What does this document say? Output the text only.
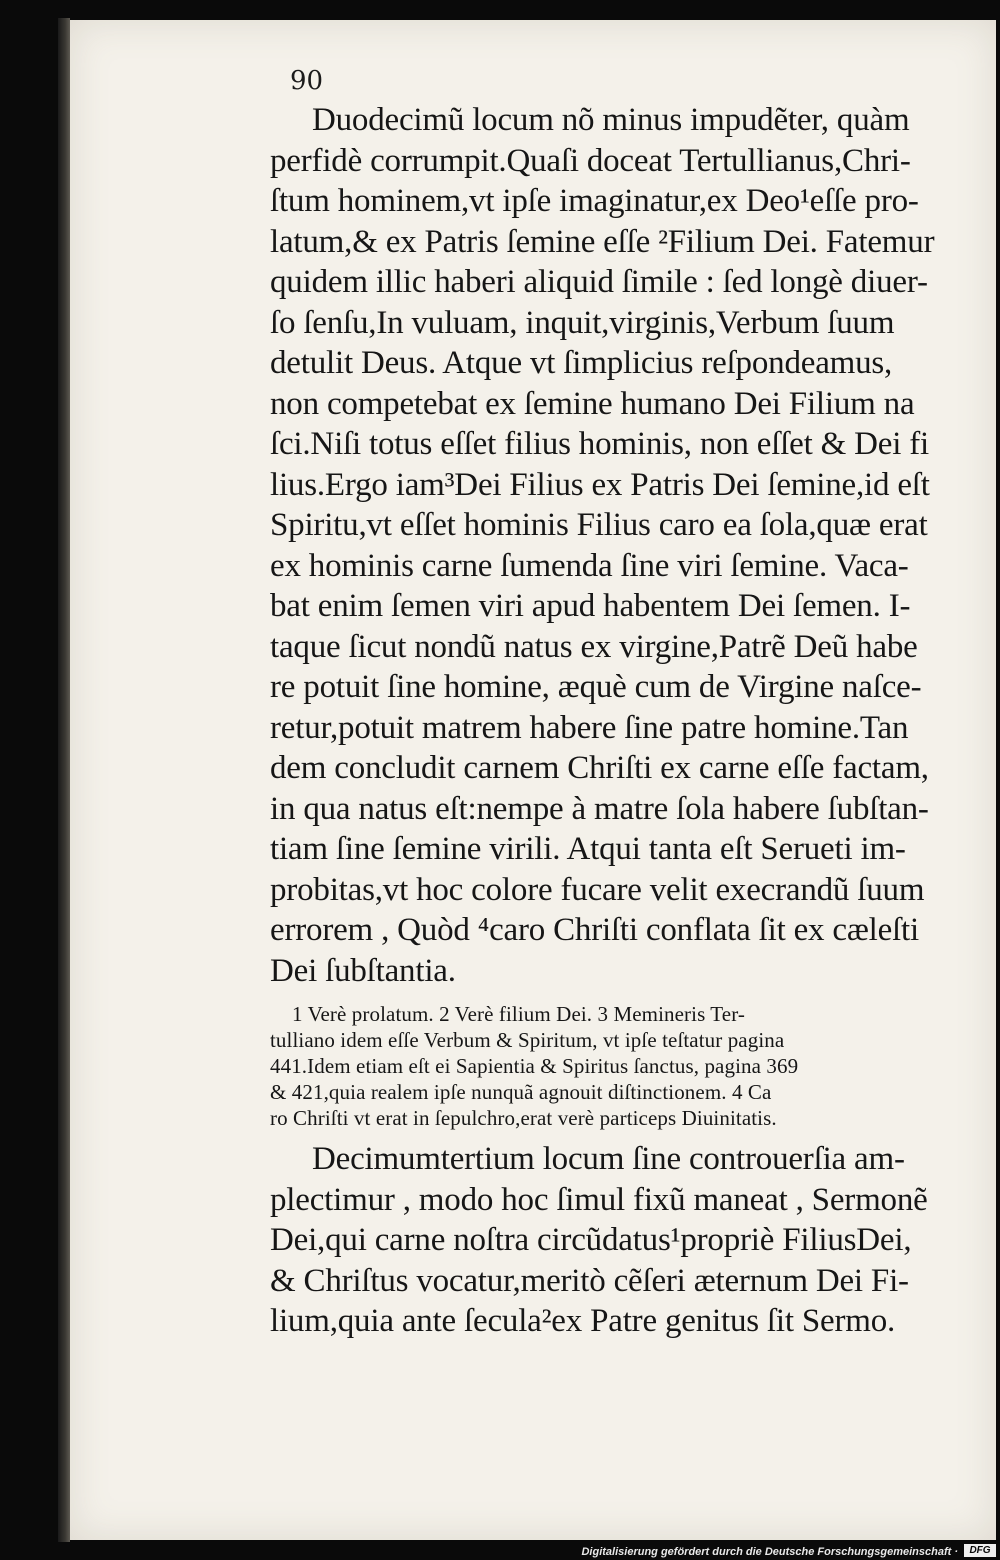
90
Duodecimũ locum nõ minus impudẽter, quàm
perfidè corrumpit.Quaſi doceat Tertullianus,Chri-
ſtum hominem,vt ipſe imaginatur,ex Deo¹eſſe pro-
latum,& ex Patris ſemine eſſe ²Filium Dei. Fatemur
quidem illic haberi aliquid ſimile : ſed longè diuer-
ſo ſenſu,In vuluam, inquit,virginis,Verbum ſuum
detulit Deus. Atque vt ſimplicius reſpondeamus,
non competebat ex ſemine humano Dei Filium na
ſci.Niſi totus eſſet filius hominis, non eſſet & Dei fi
lius.Ergo iam³Dei Filius ex Patris Dei ſemine,id eſt
Spiritu,vt eſſet hominis Filius caro ea ſola,quæ erat
ex hominis carne ſumenda ſine viri ſemine. Vaca-
bat enim ſemen viri apud habentem Dei ſemen. I-
taque ſicut nondũ natus ex virgine,Patrẽ Deũ habe
re potuit ſine homine, æquè cum de Virgine naſce-
retur,potuit matrem habere ſine patre homine.Tan
dem concludit carnem Chriſti ex carne eſſe factam,
in qua natus eſt:nempe à matre ſola habere ſubſtan-
tiam ſine ſemine virili. Atqui tanta eſt Serueti im-
probitas,vt hoc colore fucare velit execrandũ ſuum
errorem , Quòd ⁴caro Chriſti conflata ſit ex cæleſti
Dei ſubſtantia.
1 Verè prolatum. 2 Verè filium Dei. 3 Memineris Ter-
tulliano idem eſſe Verbum & Spiritum, vt ipſe teſtatur pagina
441.Idem etiam eſt ei Sapientia & Spiritus ſanctus, pagina 369
& 421,quia realem ipſe nunquã agnouit diſtinctionem. 4 Ca
ro Chriſti vt erat in ſepulchro,erat verè particeps Diuinitatis.
Decimumtertium locum ſine controuerſia am-
plectimur , modo hoc ſimul fixũ maneat , Sermonẽ
Dei,qui carne noſtra circũdatus¹propriè FiliusDei,
& Chriſtus vocatur,meritò cẽſeri æternum Dei Fi-
lium,quia ante ſecula²ex Patre genitus ſit Sermo.
Digitalisierung gefördert durch die Deutsche Forschungsgemeinschaft ·	DFG
